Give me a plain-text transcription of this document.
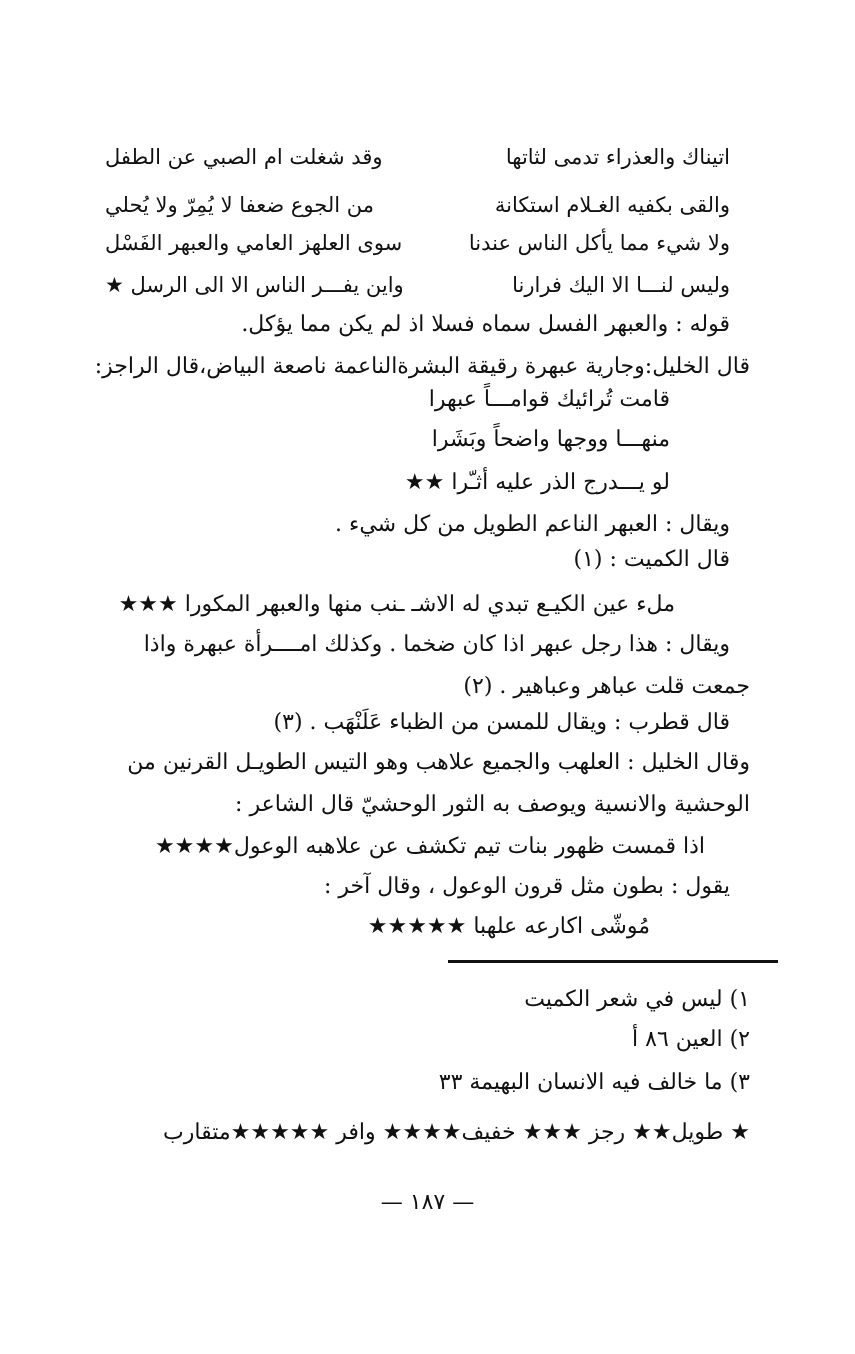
اتيناك والعذراء تدمى لثاتها
وقد شغلت ام الصبي عن الطفل
والقى بكفيه الغـلام استكانة
من الجوع ضعفا لا يُمِرّ ولا يُحلي
ولا شيء مما يأكل الناس عندنا
سوى العلهز العامي والعبهر الفَسْل
وليس لنـــا الا اليك فرارنا
واين يفـــر الناس الا الى الرسل ★
قوله : والعبهر الفسل سماه فسلا اذ لم يكن مما يؤكل.
قال الخليل:وجارية عبهرة رقيقة البشرةالناعمة ناصعة البياض،قال الراجز:
قامت تُرائيك قوامـــاً عبهرا
منهـــا ووجها واضحاً وبَشَرا
لو يـــدرج الذر عليه أثـّرا ★★
ويقال : العبهر الناعم الطويل من كل شيء .
قال الكميت : (١)
ملء عين الكيـع تبدي له الاشـ ـنب منها والعبهر المكورا ★★★
ويقال : هذا رجل عبهر اذا كان ضخما . وكذلك امــــرأة عبهرة واذا
جمعت قلت عباهر وعباهير . (٢)
قال قطرب : ويقال للمسن من الظباء عَلَنْهَب . (٣)
وقال الخليل : العلهب والجميع علاهب وهو التيس الطويـل القرنين من
الوحشية والانسية ويوصف به الثور الوحشيّ قال الشاعر :
اذا قمست ظهور بنات تيم تكشف عن علاهبه الوعول★★★★
يقول : بطون مثل قرون الوعول ، وقال آخر :
مُوشّى اكارعه علهبا ★★★★★
١) ليس في شعر الكميت
٢) العين ٨٦ أ
٣) ما خالف فيه الانسان البهيمة ٣٣
★ طويل★★ رجز ★★★ خفيف★★★★ وافر ★★★★★متقارب
— ١٨٧ —
